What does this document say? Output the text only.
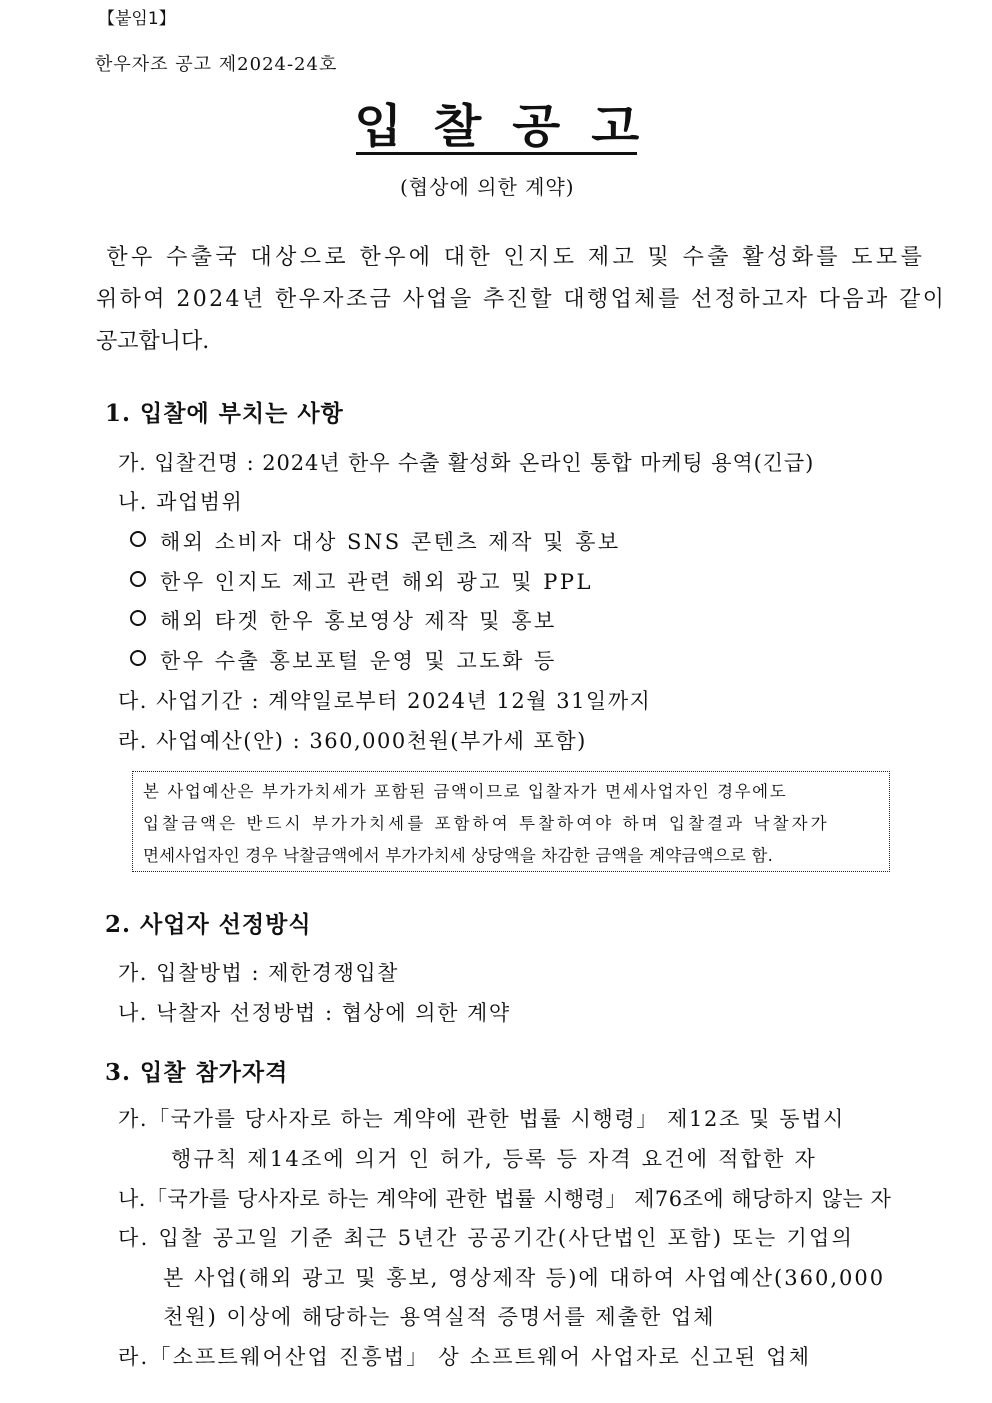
【붙임1】
한우자조 공고 제2024-24호
입 찰 공 고
(협상에 의한 계약)
한우 수출국 대상으로 한우에 대한 인지도 제고 및 수출 활성화를 도모를
위하여 2024년 한우자조금 사업을 추진할 대행업체를 선정하고자 다음과 같이
공고합니다.
1. 입찰에 부치는 사항
가. 입찰건명 : 2024년 한우 수출 활성화 온라인 통합 마케팅 용역(긴급)
나. 과업범위
해외 소비자 대상 SNS 콘텐츠 제작 및 홍보
한우 인지도 제고 관련 해외 광고 및 PPL
해외 타겟 한우 홍보영상 제작 및 홍보
한우 수출 홍보포털 운영 및 고도화 등
다. 사업기간 : 계약일로부터 2024년 12월 31일까지
라. 사업예산(안) : 360,000천원(부가세 포함)
본 사업예산은 부가가치세가 포함된 금액이므로 입찰자가 면세사업자인 경우에도
입찰금액은 반드시 부가가치세를 포함하여 투찰하여야 하며 입찰결과 낙찰자가
면세사업자인 경우 낙찰금액에서 부가가치세 상당액을 차감한 금액을 계약금액으로 함.
2. 사업자 선정방식
가. 입찰방법 : 제한경쟁입찰
나. 낙찰자 선정방법 : 협상에 의한 계약
3. 입찰 참가자격
가.「국가를 당사자로 하는 계약에 관한 법률 시행령」 제12조 및 동법시
행규칙 제14조에 의거 인 허가, 등록 등 자격 요건에 적합한 자
나.「국가를 당사자로 하는 계약에 관한 법률 시행령」 제76조에 해당하지 않는 자
다. 입찰 공고일 기준 최근 5년간 공공기간(사단법인 포함) 또는 기업의
본 사업(해외 광고 및 홍보, 영상제작 등)에 대하여 사업예산(360,000
천원) 이상에 해당하는 용역실적 증명서를 제출한 업체
라.「소프트웨어산업 진흥법」 상 소프트웨어 사업자로 신고된 업체
